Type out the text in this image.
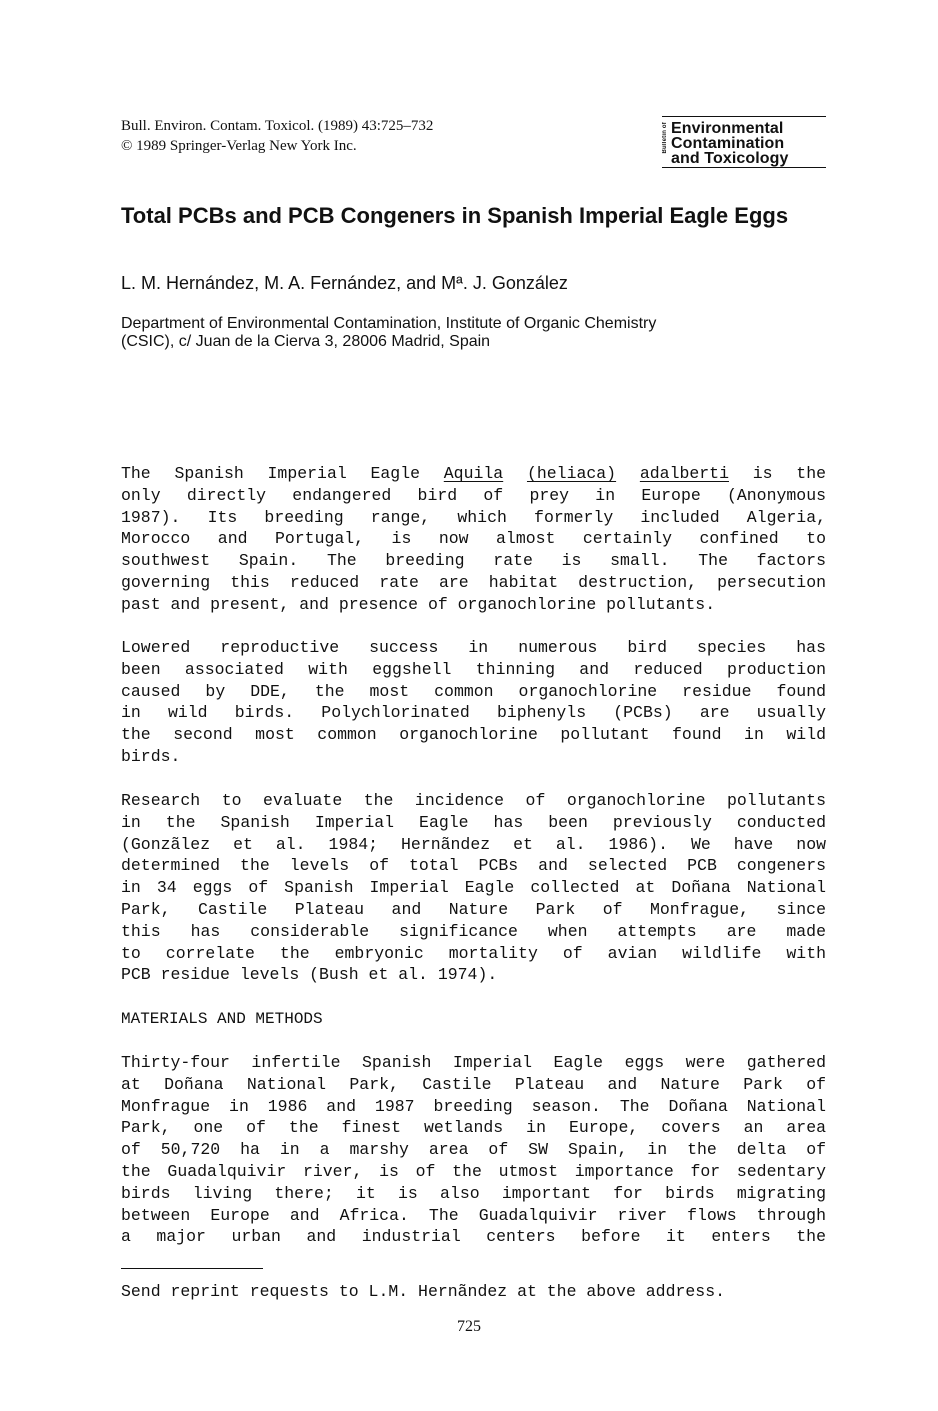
Bull. Environ. Contam. Toxicol. (1989) 43:725–732
© 1989 Springer-Verlag New York Inc.	Bulletin of Environmental
Contamination
and Toxicology
Total PCBs and PCB Congeners in Spanish Imperial Eagle Eggs
L. M. Hernández, M. A. Fernández, and Mª. J. González
Department of Environmental Contamination, Institute of Organic Chemistry
(CSIC), c/ Juan de la Cierva 3, 28006 Madrid, Spain
The Spanish Imperial Eagle Aquila (heliaca) adalberti is the
only directly endangered bird of prey in Europe (Anonymous
1987). Its breeding range, which formerly included Algeria,
Morocco and Portugal, is now almost certainly confined to
southwest Spain. The breeding rate is small. The factors
governing this reduced rate are habitat destruction, persecution
past and present, and presence of organochlorine pollutants.
Lowered reproductive success in numerous bird species has
been associated with eggshell thinning and reduced production
caused by DDE, the most common organochlorine residue found
in wild birds. Polychlorinated biphenyls (PCBs) are usually
the second most common organochlorine pollutant found in wild
birds.
Research to evaluate the incidence of organochlorine pollutants
in the Spanish Imperial Eagle has been previously conducted
(Gonzãlez et al. 1984; Hernãndez et al. 1986). We have now
determined the levels of total PCBs and selected PCB congeners
in 34 eggs of Spanish Imperial Eagle collected at Doñana National
Park, Castile Plateau and Nature Park of Monfrague, since
this has considerable significance when attempts are made
to correlate the embryonic mortality of avian wildlife with
PCB residue levels (Bush et al. 1974).
MATERIALS AND METHODS
Thirty-four infertile Spanish Imperial Eagle eggs were gathered
at Doñana National Park, Castile Plateau and Nature Park of
Monfrague in 1986 and 1987 breeding season. The Doñana National
Park, one of the finest wetlands in Europe, covers an area
of 50,720 ha in a marshy area of SW Spain, in the delta of
the Guadalquivir river, is of the utmost importance for sedentary
birds living there; it is also important for birds migrating
between Europe and Africa. The Guadalquivir river flows through
a major urban and industrial centers before it enters the
Send reprint requests to L.M. Hernãndez at the above address.
725
